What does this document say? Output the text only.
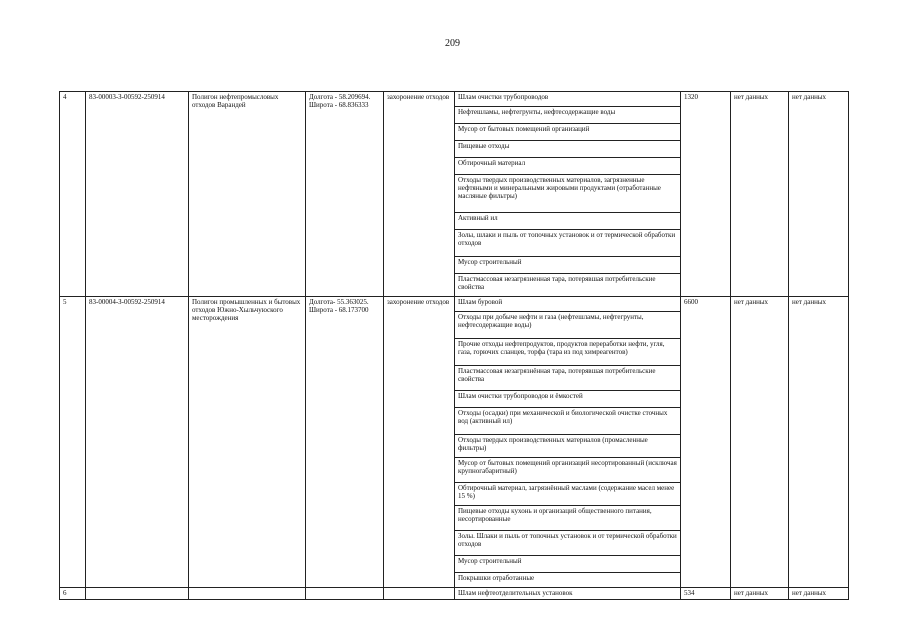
209
4	83-00003-З-00592-250914	Полигон нефтепромысловых отходов Варандей	Долгота - 58.209694. Широта - 68.836333	захоронение отходов	Шлам очистки трубопроводов	1320	нет данных	нет данных
					Нефтешламы, нефтегрунты, нефтесодержащие воды			
					Мусор от бытовых помещений организаций			
					Пищевые отходы			
					Обтирочный материал			
					Отходы твердых производственных материалов, загрязненные нефтяными и минеральными жировыми продуктами (отработанные масляные фильтры)			
					Активный ил			
					Золы, шлаки и пыль от топочных установок и от термической обработки отходов			
					Мусор строительный			
					Пластмассовая незагрязненная тара, потерявшая потребительские свойства			
5	83-00004-З-00592-250914	Полигон промышленных и бытовых отходов Южно-Хыльчуюского месторождения	Долгота- 55.363025. Широта - 68.173700	захоронение отходов	Шлам буровой	6600	нет данных	нет данных
					Отходы при добыче нефти и газа (нефтешламы, нефтегрунты, нефтесодержащие воды)			
					Прочие отходы нефтепродуктов, продуктов переработки нефти, угля, газа, горючих сланцев, торфа (тара из под химреагентов)			
					Пластмассовая незагрязнённая тара, потерявшая потребительские свойства			
					Шлам очистки трубопроводов и ёмкостей			
					Отходы (осадки) при механической и биологической очистке сточных вод (активный ил)			
					Отходы твердых производственных материалов (промасленные фильтры)			
					Мусор от бытовых помещений организаций несортированный (исключая крупногабаритный)			
					Обтирочный материал, загрязнённый маслами (содержание масел менее 15 %)			
					Пищевые отходы кухонь и организаций общественного питания, несортированные			
					Золы. Шлаки и пыль от топочных установок и от термической обработки отходов			
					Мусор строительный			
					Покрышки отработанные			
6					Шлам нефтеотделительных установок	534	нет данных	нет данных
